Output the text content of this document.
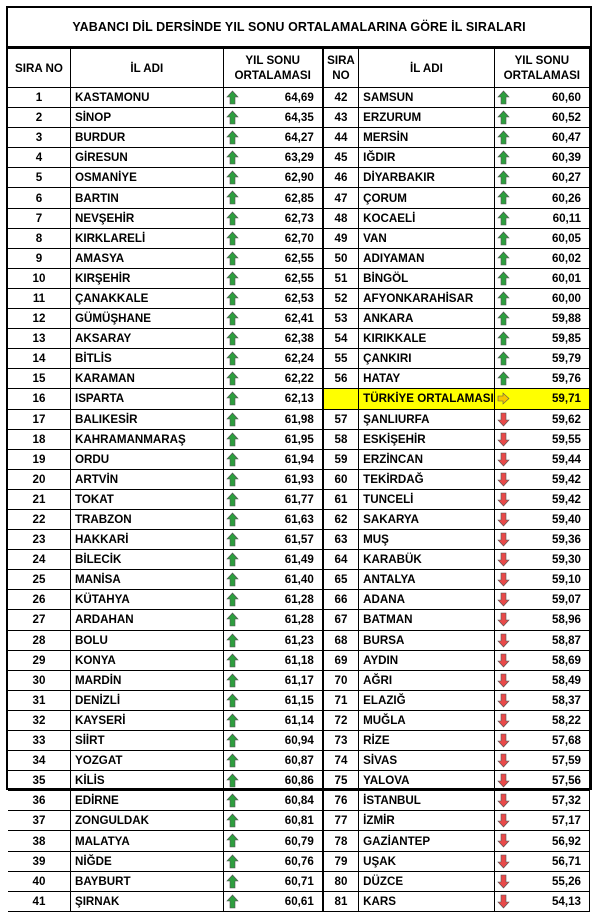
YABANCI DİL DERSİNDE YIL SONU ORTALAMALARINA GÖRE İL SIRALARI
SIRA NO	İL ADI	YIL SONU
ORTALAMASI
1	KASTAMONU	64,69
2	SİNOP	64,35
3	BURDUR	64,27
4	GİRESUN	63,29
5	OSMANİYE	62,90
6	BARTIN	62,85
7	NEVŞEHİR	62,73
8	KIRKLARELİ	62,70
9	AMASYA	62,55
10	KIRŞEHİR	62,55
11	ÇANAKKALE	62,53
12	GÜMÜŞHANE	62,41
13	AKSARAY	62,38
14	BİTLİS	62,24
15	KARAMAN	62,22
16	ISPARTA	62,13
17	BALIKESİR	61,98
18	KAHRAMANMARAŞ	61,95
19	ORDU	61,94
20	ARTVİN	61,93
21	TOKAT	61,77
22	TRABZON	61,63
23	HAKKARİ	61,57
24	BİLECİK	61,49
25	MANİSA	61,40
26	KÜTAHYA	61,28
27	ARDAHAN	61,28
28	BOLU	61,23
29	KONYA	61,18
30	MARDİN	61,17
31	DENİZLİ	61,15
32	KAYSERİ	61,14
33	SİİRT	60,94
34	YOZGAT	60,87
35	KİLİS	60,86
36	EDİRNE	60,84
37	ZONGULDAK	60,81
38	MALATYA	60,79
39	NİĞDE	60,76
40	BAYBURT	60,71
41	ŞIRNAK	60,61
SIRA
NO	İL ADI	YIL SONU
ORTALAMASI
42	SAMSUN	60,60
43	ERZURUM	60,52
44	MERSİN	60,47
45	IĞDIR	60,39
46	DİYARBAKIR	60,27
47	ÇORUM	60,26
48	KOCAELİ	60,11
49	VAN	60,05
50	ADIYAMAN	60,02
51	BİNGÖL	60,01
52	AFYONKARAHİSAR	60,00
53	ANKARA	59,88
54	KIRIKKALE	59,85
55	ÇANKIRI	59,79
56	HATAY	59,76
	TÜRKİYE ORTALAMASI	59,71
57	ŞANLIURFA	59,62
58	ESKİŞEHİR	59,55
59	ERZİNCAN	59,44
60	TEKİRDAĞ	59,42
61	TUNCELİ	59,42
62	SAKARYA	59,40
63	MUŞ	59,36
64	KARABÜK	59,30
65	ANTALYA	59,10
66	ADANA	59,07
67	BATMAN	58,96
68	BURSA	58,87
69	AYDIN	58,69
70	AĞRI	58,49
71	ELAZIĞ	58,37
72	MUĞLA	58,22
73	RİZE	57,68
74	SİVAS	57,59
75	YALOVA	57,56
76	İSTANBUL	57,32
77	İZMİR	57,17
78	GAZİANTEP	56,92
79	UŞAK	56,71
80	DÜZCE	55,26
81	KARS	54,13
